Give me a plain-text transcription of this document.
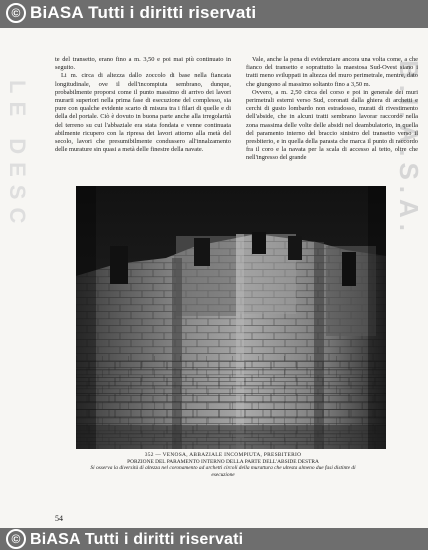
© BiASA Tutti i diritti riservati
LE DESC	B.I.A.S.A.

te del transetto, erano fino a m. 3,50 e poi mai più continuato in seguito.

Li m. circa di altezza dallo zoccolo di base nella fiancata longitudinale, ove il dell'incompiuta sembrano, dunque, probabilmente proporsi come il punto massimo di arrivo dei lavori murarii superiori nella prima fase di esecuzione del complesso, sia pure con qualche evidente scarto di misura tra i filari di quelle e di della del portale. Ciò è dovuto in buona parte anche alla irregolarità del terreno su cui l'abbaziale era stata fondata e venne continuata abilmente ricupero con la ripresa dei lavori attorno alla metà del secolo, lavori che presumibilmente condussero all'innalzamento delle murature sin quasi a metà delle finestre della navate.

Vale, anche la pena di evidenziare ancora una volta come, a che fianco del transetto e soprattutto la maestosa Sud-Ovest siano i tratti meno sviluppati in altezza del muro perimetrale, mentre, dato che giungono al massimo soltanto fino a 3,50 m.

Ovvero, a m. 2,50 circa del corso e poi in generale dei muri perimetrali esterni verso Sud, coronati dalla ghiera di archetti e cerchi di gusto lombardo non estradosso, murati di rivestimento dell'abside, che in alcuni tratti sembrano lavorar raccordo nella zona massima delle volte delle absidi nel deambulatorio, in quella del paramento interno del braccio sinistro del transetto verso il presbiterio, e in quella della parasta che marca il punto di raccordo fra il coro e la navata per la scala di accesso al tetto, oltre che nell'ingresso del grande

352 — VENOSA, ABBAZIALE INCOMPIUTA, PRESBITERIO
PORZIONE DEL PARAMENTO INTERNO DELLA PARTE DELL'ABSIDE DESTRA
Si osserva la diversità di altezza nel coronamento ad archetti circoli della murattura che ultesta almeno due fasi distinte di esecuzione
54
© BiASA Tutti i diritti riservati
